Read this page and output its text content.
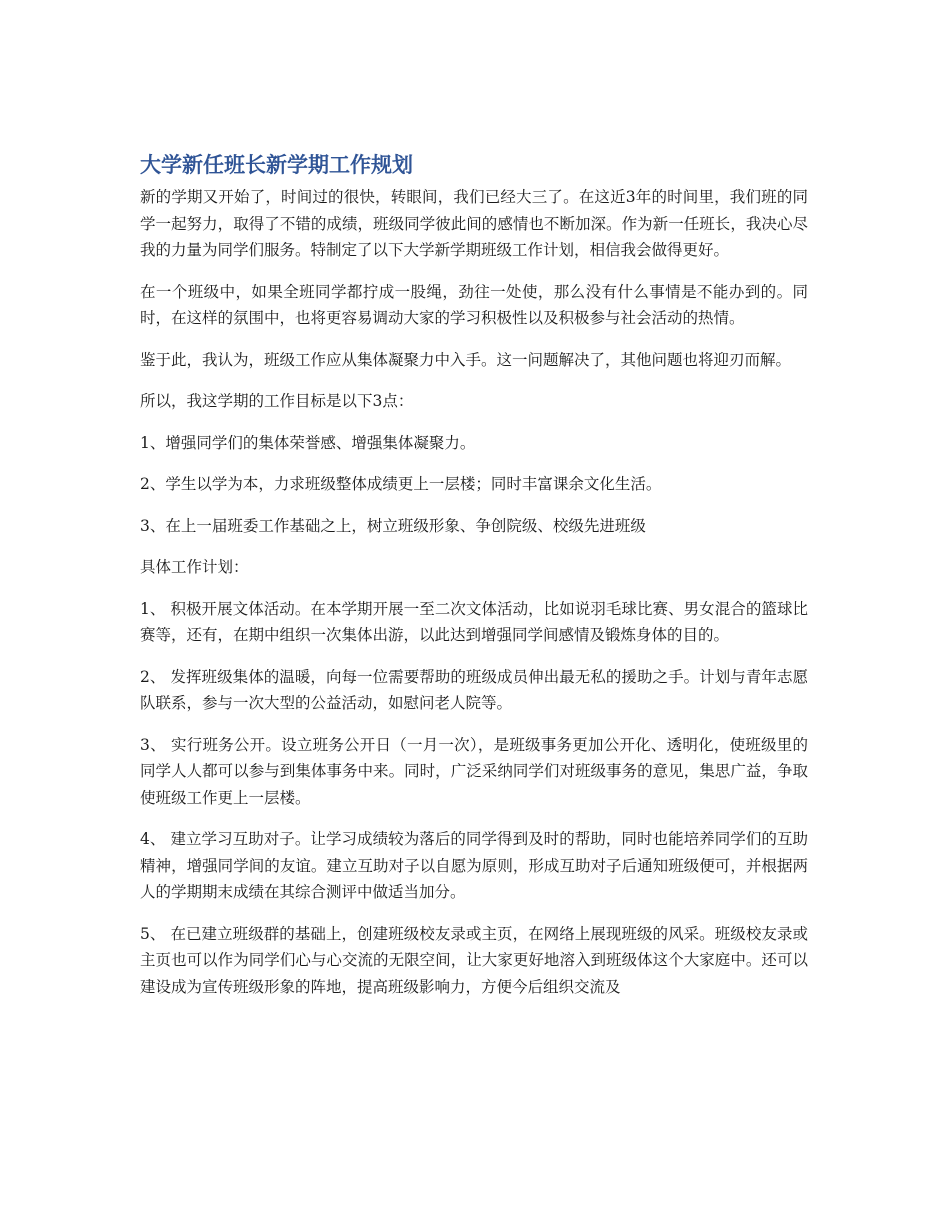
大学新任班长新学期工作规划

新的学期又开始了，时间过的很快，转眼间，我们已经大三了。在这近3年的时间里，我们班的同学一起努力，取得了不错的成绩，班级同学彼此间的感情也不断加深。作为新一任班长，我决心尽我的力量为同学们服务。特制定了以下大学新学期班级工作计划，相信我会做得更好。

在一个班级中，如果全班同学都拧成一股绳，劲往一处使，那么没有什么事情是不能办到的。同时，在这样的氛围中，也将更容易调动大家的学习积极性以及积极参与社会活动的热情。

鉴于此，我认为，班级工作应从集体凝聚力中入手。这一问题解决了，其他问题也将迎刃而解。

所以，我这学期的工作目标是以下3点：

1、增强同学们的集体荣誉感、增强集体凝聚力。

2、学生以学为本，力求班级整体成绩更上一层楼；同时丰富课余文化生活。

3、在上一届班委工作基础之上，树立班级形象、争创院级、校级先进班级

具体工作计划：

1、 积极开展文体活动。在本学期开展一至二次文体活动，比如说羽毛球比赛、男女混合的篮球比赛等，还有，在期中组织一次集体出游，以此达到增强同学间感情及锻炼身体的目的。

2、 发挥班级集体的温暖，向每一位需要帮助的班级成员伸出最无私的援助之手。计划与青年志愿队联系，参与一次大型的公益活动，如慰问老人院等。

3、 实行班务公开。设立班务公开日（一月一次），是班级事务更加公开化、透明化，使班级里的同学人人都可以参与到集体事务中来。同时，广泛采纳同学们对班级事务的意见，集思广益，争取使班级工作更上一层楼。

4、 建立学习互助对子。让学习成绩较为落后的同学得到及时的帮助，同时也能培养同学们的互助精神，增强同学间的友谊。建立互助对子以自愿为原则，形成互助对子后通知班级便可，并根据两人的学期期末成绩在其综合测评中做适当加分。

5、 在已建立班级群的基础上，创建班级校友录或主页，在网络上展现班级的风采。班级校友录或主页也可以作为同学们心与心交流的无限空间，让大家更好地溶入到班级体这个大家庭中。还可以建设成为宣传班级形象的阵地，提高班级影响力，方便今后组织交流及
